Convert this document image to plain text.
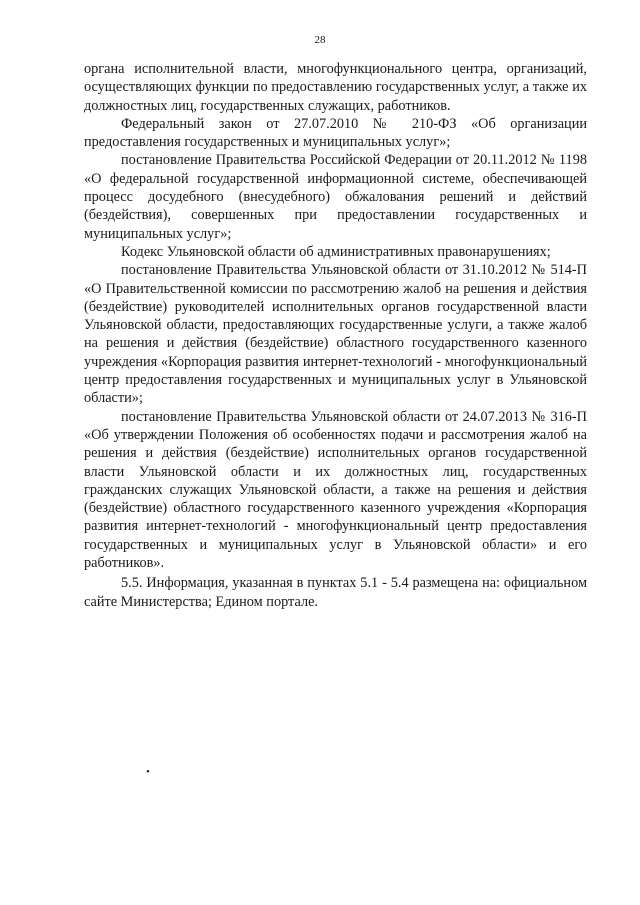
28

органа исполнительной власти, многофункционального центра, организаций, осуществляющих функции по предоставлению государственных услуг, а также их должностных лиц, государственных служащих, работников.

Федеральный закон от 27.07.2010 № 210-ФЗ «Об организации предоставления государственных и муниципальных услуг»;

постановление Правительства Российской Федерации от 20.11.2012 № 1198 «О федеральной государственной информационной системе, обеспечивающей процесс досудебного (внесудебного) обжалования решений и действий (бездействия), совершенных при предоставлении государственных и муниципальных услуг»;

Кодекс Ульяновской области об административных правонарушениях;

постановление Правительства Ульяновской области от 31.10.2012 № 514-П «О Правительственной комиссии по рассмотрению жалоб на решения и действия (бездействие) руководителей исполнительных органов государственной власти Ульяновской области, предоставляющих государственные услуги, а также жалоб на решения и действия (бездействие) областного государственного казенного учреждения «Корпорация развития интернет-технологий - многофункциональный центр предоставления государственных и муниципальных услуг в Ульяновской области»;

постановление Правительства Ульяновской области от 24.07.2013 № 316-П «Об утверждении Положения об особенностях подачи и рассмотрения жалоб на решения и действия (бездействие) исполнительных органов государственной власти Ульяновской области и их должностных лиц, государственных гражданских служащих Ульяновской области, а также на решения и действия (бездействие) областного государственного казенного учреждения «Корпорация развития интернет-технологий - многофункциональный центр предоставления государственных и муниципальных услуг в Ульяновской области» и его работников».

5.5. Информация, указанная в пунктах 5.1 - 5.4 размещена на: официальном сайте Министерства; Едином портале.

•
